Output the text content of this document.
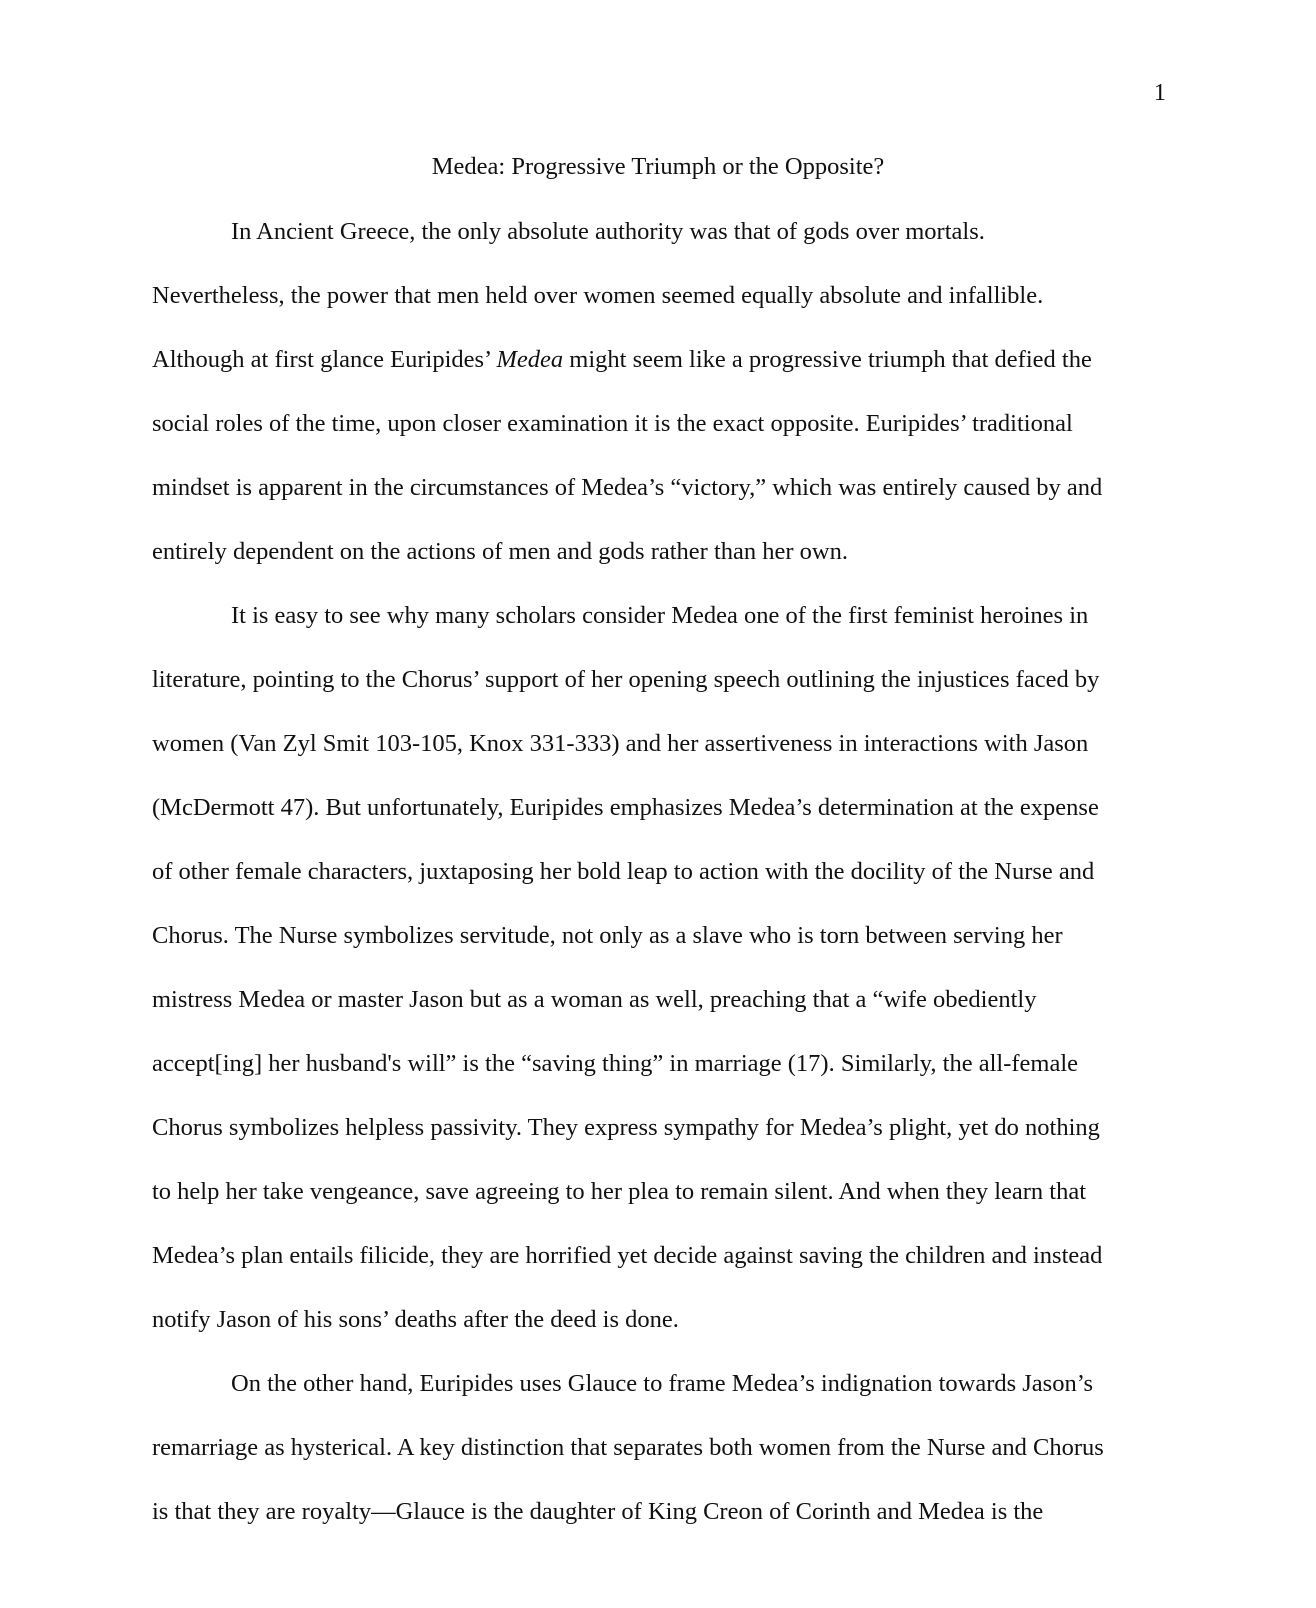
1
Medea: Progressive Triumph or the Opposite?
In Ancient Greece, the only absolute authority was that of gods over mortals.
Nevertheless, the power that men held over women seemed equally absolute and infallible.
Although at first glance Euripides’ Medea might seem like a progressive triumph that defied the
social roles of the time, upon closer examination it is the exact opposite. Euripides’ traditional
mindset is apparent in the circumstances of Medea’s “victory,” which was entirely caused by and
entirely dependent on the actions of men and gods rather than her own.
It is easy to see why many scholars consider Medea one of the first feminist heroines in
literature, pointing to the Chorus’ support of her opening speech outlining the injustices faced by
women (Van Zyl Smit 103-105, Knox 331-333) and her assertiveness in interactions with Jason
(McDermott 47). But unfortunately, Euripides emphasizes Medea’s determination at the expense
of other female characters, juxtaposing her bold leap to action with the docility of the Nurse and
Chorus. The Nurse symbolizes servitude, not only as a slave who is torn between serving her
mistress Medea or master Jason but as a woman as well, preaching that a “wife obediently
accept[ing] her husband's will” is the “saving thing” in marriage (17). Similarly, the all-female
Chorus symbolizes helpless passivity. They express sympathy for Medea’s plight, yet do nothing
to help her take vengeance, save agreeing to her plea to remain silent. And when they learn that
Medea’s plan entails filicide, they are horrified yet decide against saving the children and instead
notify Jason of his sons’ deaths after the deed is done.
On the other hand, Euripides uses Glauce to frame Medea’s indignation towards Jason’s
remarriage as hysterical. A key distinction that separates both women from the Nurse and Chorus
is that they are royalty—Glauce is the daughter of King Creon of Corinth and Medea is the
